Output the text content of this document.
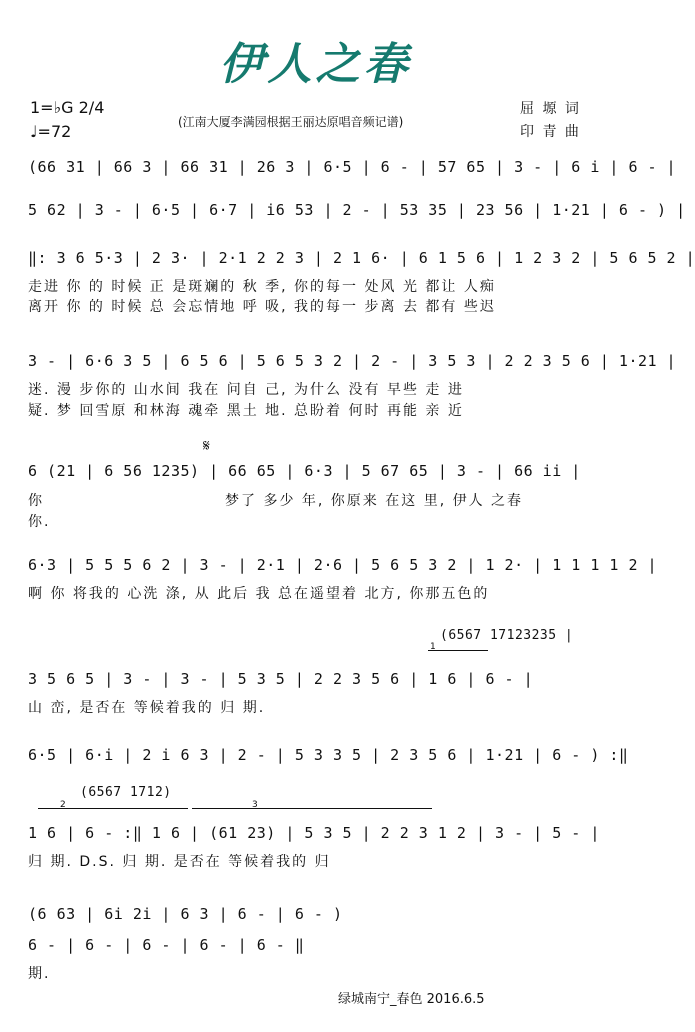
伊人之春
1=♭G 2/4
♩=72	(江南大厦李满园根据王丽达原唱音频记谱)
屈 塬 词
印 青 曲
(66 31 | 66 3 | 66 31 | 26 3 | 6·5 | 6 - | 57 65 | 3 - | 6 i | 6 - |
5 62 | 3 - | 6·5 | 6·7 | i6 53 | 2 - | 53 35 | 23 56 | 1·21 | 6 - ) |
‖: 3 6 5·3 | 2 3· | 2·1 2 2 3 | 2 1 6· | 6 1 5 6 | 1 2 3 2 | 5 6 5 2 |
走进 你 的 时候 正 是斑斓的 秋 季, 你的每一 处风 光 都让 人痴
离开 你 的 时候 总 会忘情地 呼 吸, 我的每一 步离 去 都有 些迟
3 - | 6·6 3 5 | 6 5 6 | 5 6 5 3 2 | 2 - | 3 5 3 | 2 2 3 5 6 | 1·21 |
迷. 漫 步你的 山水间 我在 问自 己, 为什么 没有 早些 走 进
疑. 梦 回雪原 和林海 魂牵 黑土 地. 总盼着 何时 再能 亲 近
𝄋
6 (21 | 6 56 1235) | 66 65 | 6·3 | 5 67 65 | 3 - | 66 ii |
你
你.
梦了 多少 年, 你原来 在这 里, 伊人 之春
6·3 | 5 5 5 6 2 | 3 - | 2·1 | 2·6 | 5 6 5 3 2 | 1 2· | 1 1 1 1 2 |
啊 你 将我的 心洗 涤, 从 此后 我 总在遥望着 北方, 你那五色的
(6567 17123235 |
1
3 5 6 5 | 3 - | 3 - | 5 3 5 | 2 2 3 5 6 | 1 6 | 6 - |
山 峦, 是否在 等候着我的 归 期.
6·5 | 6·i | 2 i 6 3 | 2 - | 5 3 3 5 | 2 3 5 6 | 1·21 | 6 - ) :‖
(6567 1712)
2	3
1 6 | 6 - :‖ 1 6 | (61 23) | 5 3 5 | 2 2 3 1 2 | 3 - | 5 - |
归 期. D.S. 归 期. 是否在 等候着我的 归
(6 63 | 6i 2i | 6 3 | 6 - | 6 - )
6 - | 6 - | 6 - | 6 - | 6 - ‖
期.
绿城南宁_春色 2016.6.5
